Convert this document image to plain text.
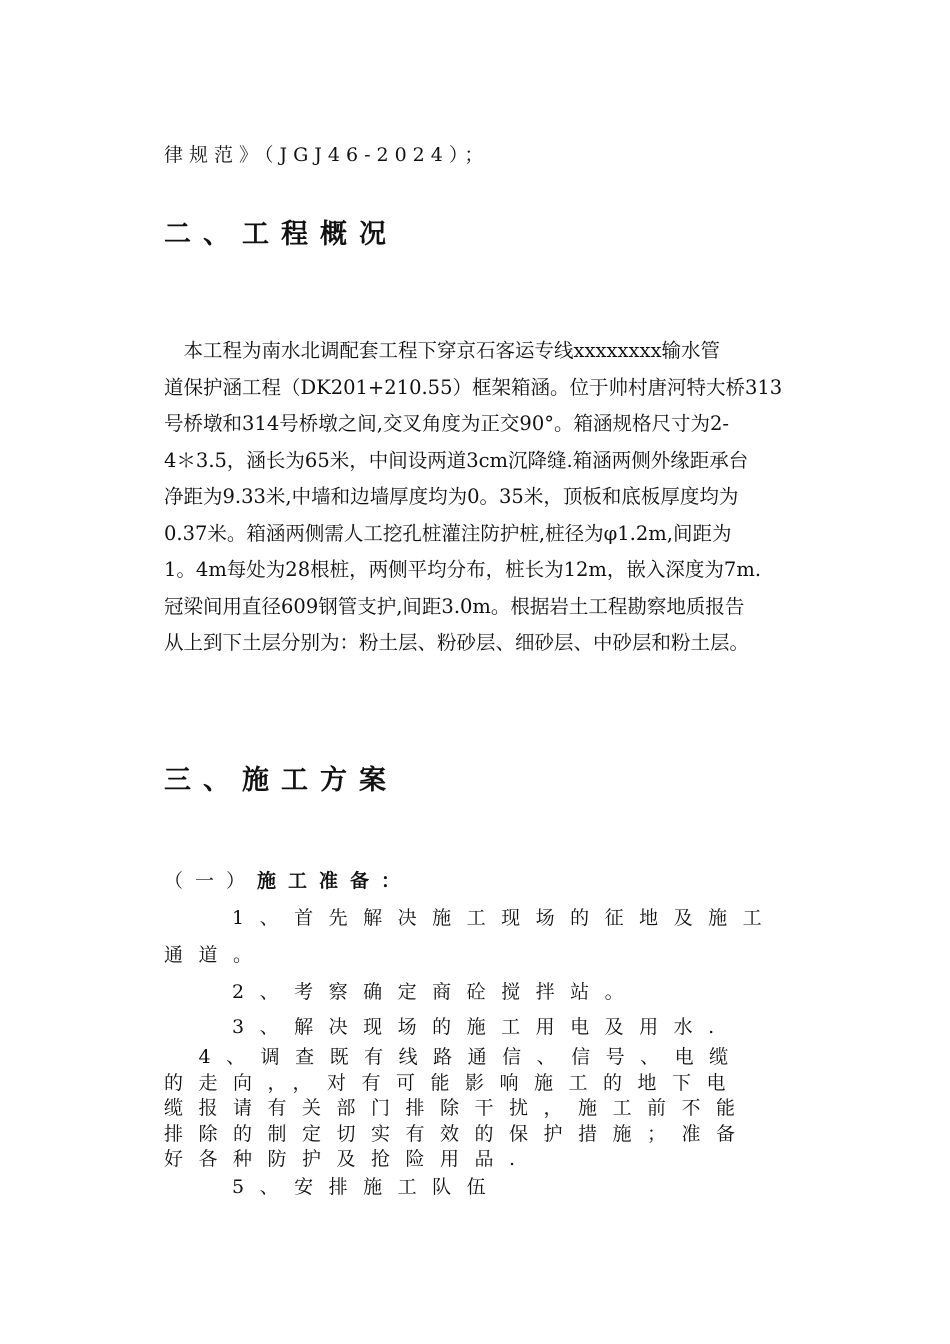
律规范》（JGJ46-2024）；
二、工程概况

　本工程为南水北调配套工程下穿京石客运专线xxxxxxxx输水管

道保护涵工程（DK201+210.55）框架箱涵。位于帅村唐河特大桥313

号桥墩和314号桥墩之间,交叉角度为正交90°。箱涵规格尺寸为2-

4＊3.5，涵长为65米，中间设两道3cm沉降缝.箱涵两侧外缘距承台

净距为9.33米,中墙和边墙厚度均为0。35米，顶板和底板厚度均为

0.37米。箱涵两侧需人工挖孔桩灌注防护桩,桩径为φ1.2m,间距为

1。4m每处为28根桩，两侧平均分布，桩长为12m，嵌入深度为7m.

冠梁间用直径609钢管支护,间距3.0m。根据岩土工程勘察地质报告

从上到下土层分别为：粉土层、粉砂层、细砂层、中砂层和粉土层。

三、施工方案
（一）施工准备：
1、首先解决施工现场的征地及施工
通道。
2、考察确定商砼搅拌站。
3、解决现场的施工用电及用水.

　4、调查既有线路通信、信号、电缆

的走向，，对有可能影响施工的地下电

缆报请有关部门排除干扰，施工前不能

排除的制定切实有效的保护措施；准备

好各种防护及抢险用品.

5、安排施工队伍
